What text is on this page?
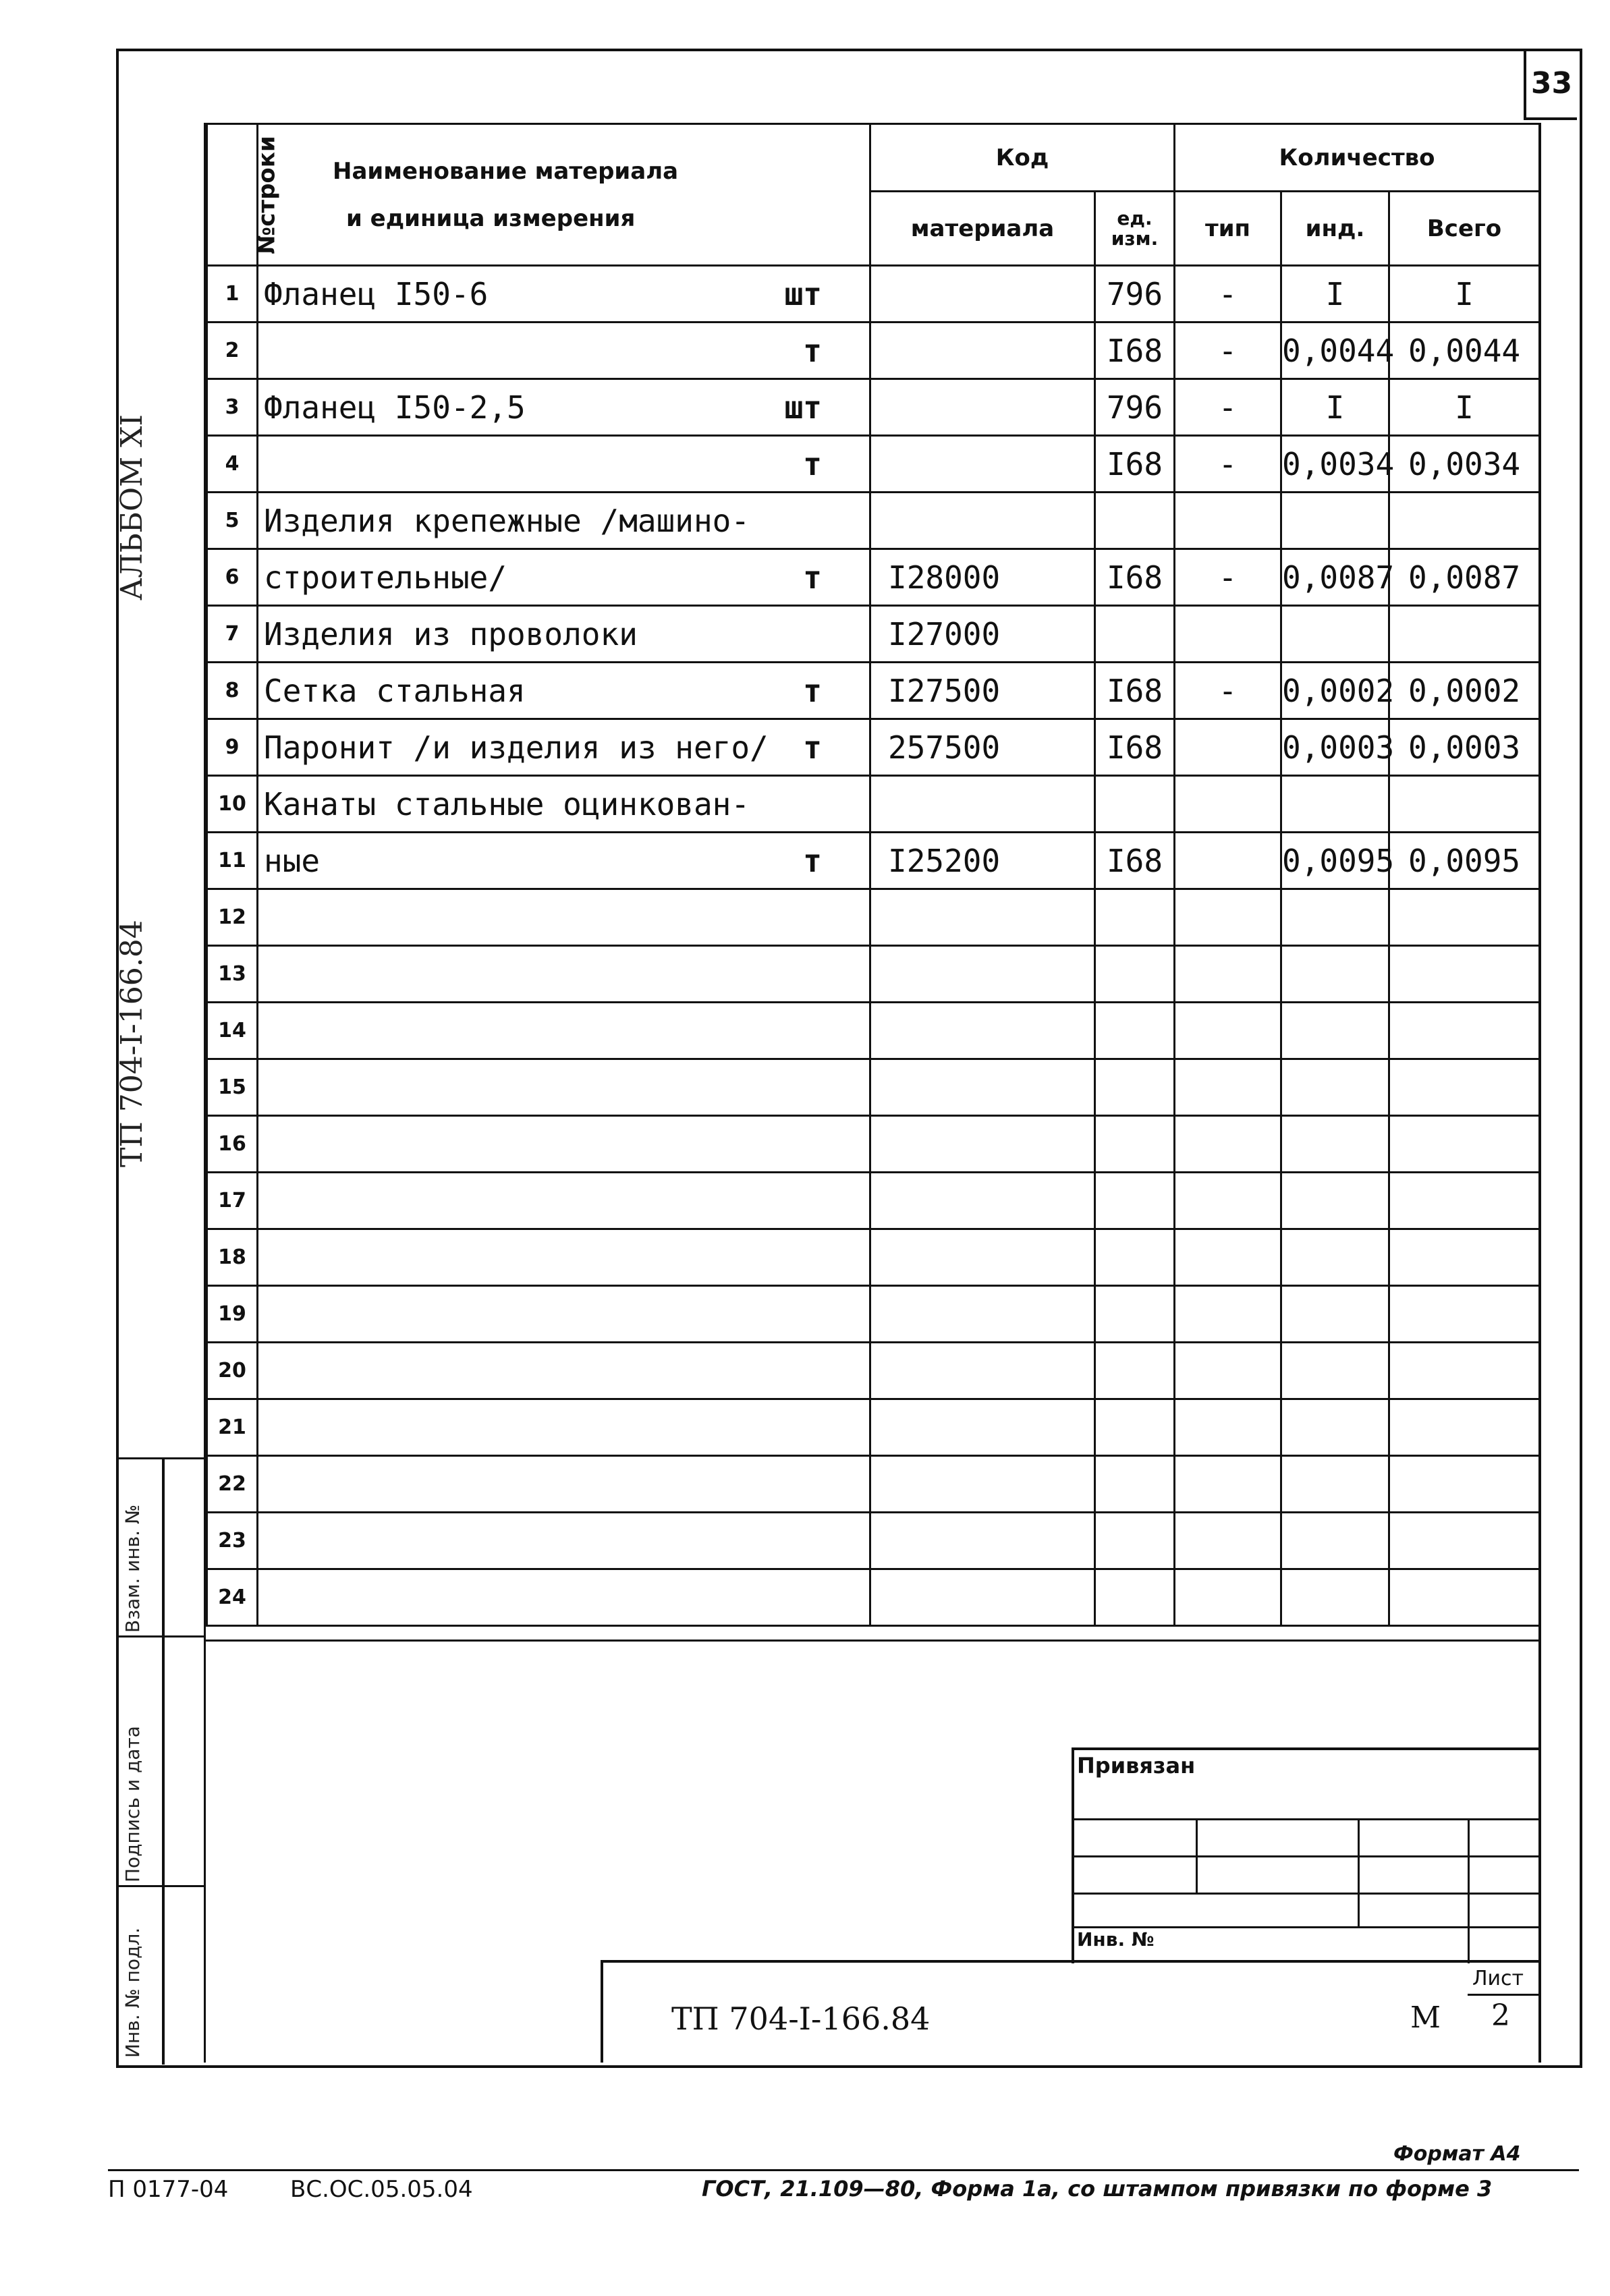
33
АЛЬБОМ XI
ТП 704-I-166.84
Взам. инв. №
Подпись и дата
Инв. № подл.
№строки	Наименование материала
и единица измерения	Код		Количество		
		материала	ед. изм.	тип	инд.	Всего
1	Фланец I50-6 шт		796	-	I	I
2	т		I68	-	0,0044	0,0044
3	Фланец I50-2,5 шт		796	-	I	I
4	т		I68	-	0,0034	0,0034
5	Изделия крепежные /машино-

6	строительные/ т	I28000	I68	-	0,0087	0,0087
7	Изделия из проволоки	I27000				
8	Сетка стальная т	I27500	I68	-	0,0002	0,0002
9	Паронит /и изделия из него/ т	257500	I68		0,0003	0,0003
10	Канаты стальные оцинкован-

11	ные т	I25200	I68		0,0095	0,0095
12	

13	

14	

15	

16	

17	

18	

19	

20	

21	

22	

23	

24	

Привязан
Инв. №
Лист
2
ТП 704-I-166.84	М
Формат А4
П 0177-04	ВС.ОС.05.05.04	ГОСТ, 21.109—80, Форма 1а, со штампом привязки по форме 3
